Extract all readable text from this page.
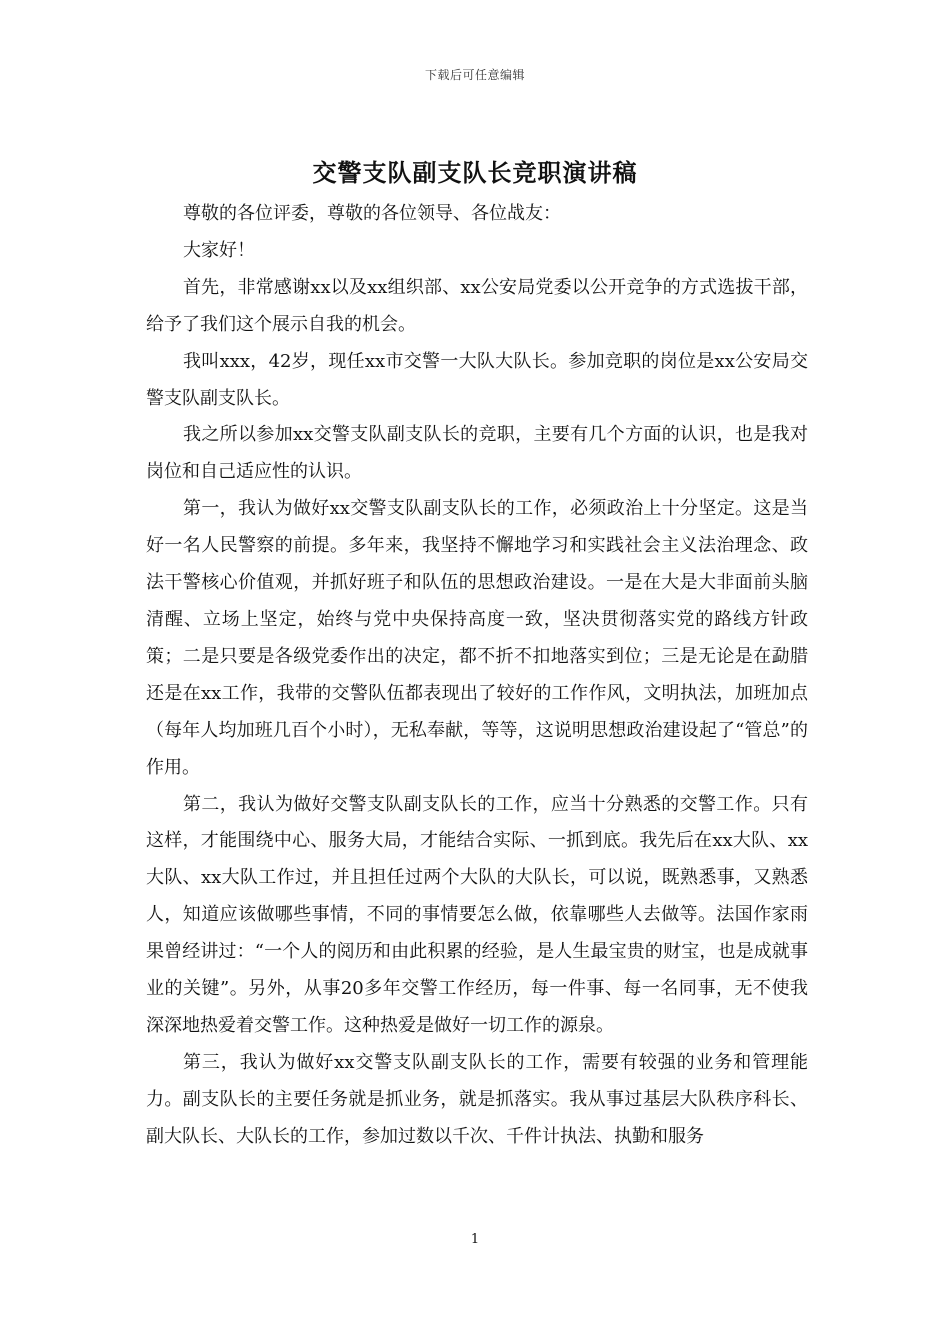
下载后可任意编辑
交警支队副支队长竞职演讲稿

尊敬的各位评委，尊敬的各位领导、各位战友：

大家好！

首先，非常感谢xx以及xx组织部、xx公安局党委以公开竞争的方式选拔干部，给予了我们这个展示自我的机会。

我叫xxx，42岁，现任xx市交警一大队大队长。参加竞职的岗位是xx公安局交警支队副支队长。

我之所以参加xx交警支队副支队长的竞职，主要有几个方面的认识，也是我对岗位和自己适应性的认识。

第一，我认为做好xx交警支队副支队长的工作，必须政治上十分坚定。这是当好一名人民警察的前提。多年来，我坚持不懈地学习和实践社会主义法治理念、政法干警核心价值观，并抓好班子和队伍的思想政治建设。一是在大是大非面前头脑清醒、立场上坚定，始终与党中央保持高度一致，坚决贯彻落实党的路线方针政策；二是只要是各级党委作出的决定，都不折不扣地落实到位；三是无论是在勐腊还是在xx工作，我带的交警队伍都表现出了较好的工作作风，文明执法，加班加点（每年人均加班几百个小时），无私奉献，等等，这说明思想政治建设起了“管总”的作用。

第二，我认为做好交警支队副支队长的工作，应当十分熟悉的交警工作。只有这样，才能围绕中心、服务大局，才能结合实际、一抓到底。我先后在xx大队、xx大队、xx大队工作过，并且担任过两个大队的大队长，可以说，既熟悉事，又熟悉人，知道应该做哪些事情，不同的事情要怎么做，依靠哪些人去做等。法国作家雨果曾经讲过：“一个人的阅历和由此积累的经验，是人生最宝贵的财宝，也是成就事业的关键”。另外，从事20多年交警工作经历，每一件事、每一名同事，无不使我深深地热爱着交警工作。这种热爱是做好一切工作的源泉。

第三，我认为做好xx交警支队副支队长的工作，需要有较强的业务和管理能力。副支队长的主要任务就是抓业务，就是抓落实。我从事过基层大队秩序科长、副大队长、大队长的工作，参加过数以千次、千件计执法、执勤和服务

1
